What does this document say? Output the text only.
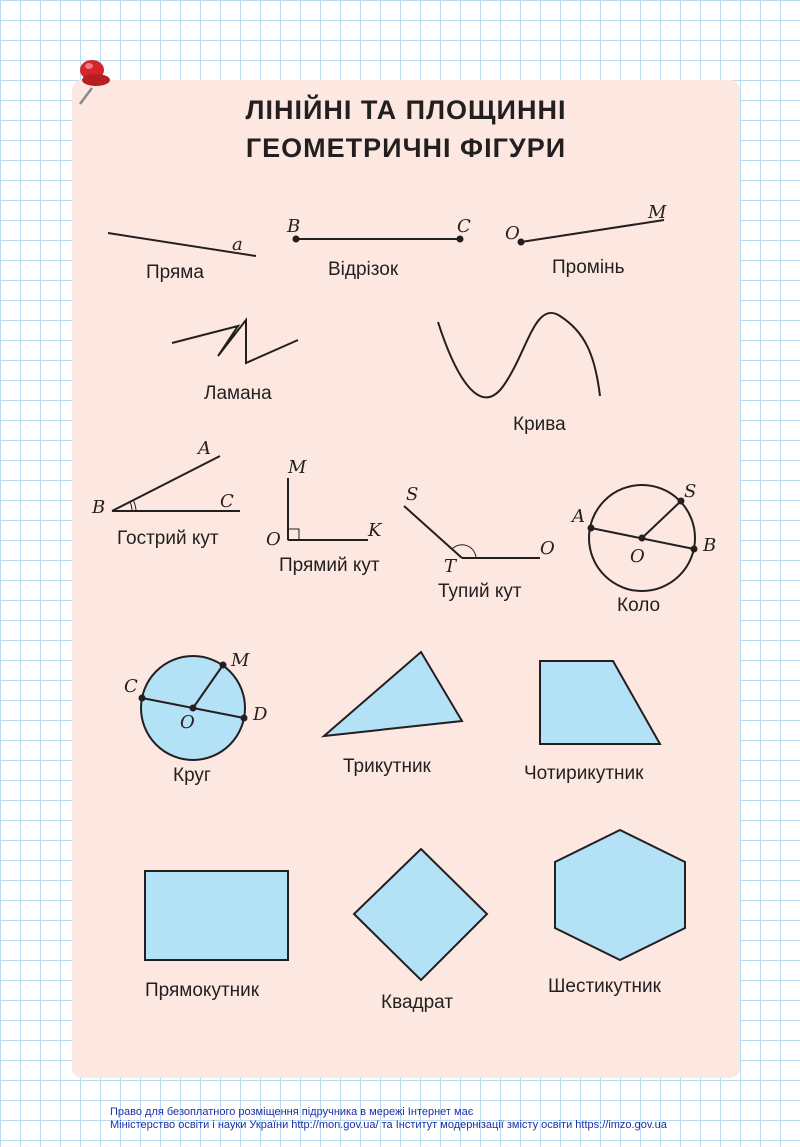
ЛІНІЙНІ ТА ПЛОЩИННІ
ГЕОМЕТРИЧНІ ФІГУРИ
a
Пряма
B	C
Відрізок
O
M
Промінь
Ламана
Крива
B
A
C
Гострий кут
M
O	K
Прямий кут
S
T
O
Тупий кут
A
B
O
S
Коло
C
D
O
M
Круг	Трикутник	Чотирикутник
Прямокутник
Квадрат
Шестикутник
Право для безоплатного розміщення підручника в мережі Інтернет має
Міністерство освіти і науки України http://mon.gov.ua/ та Інститут модернізації змісту освіти https://imzo.gov.ua
